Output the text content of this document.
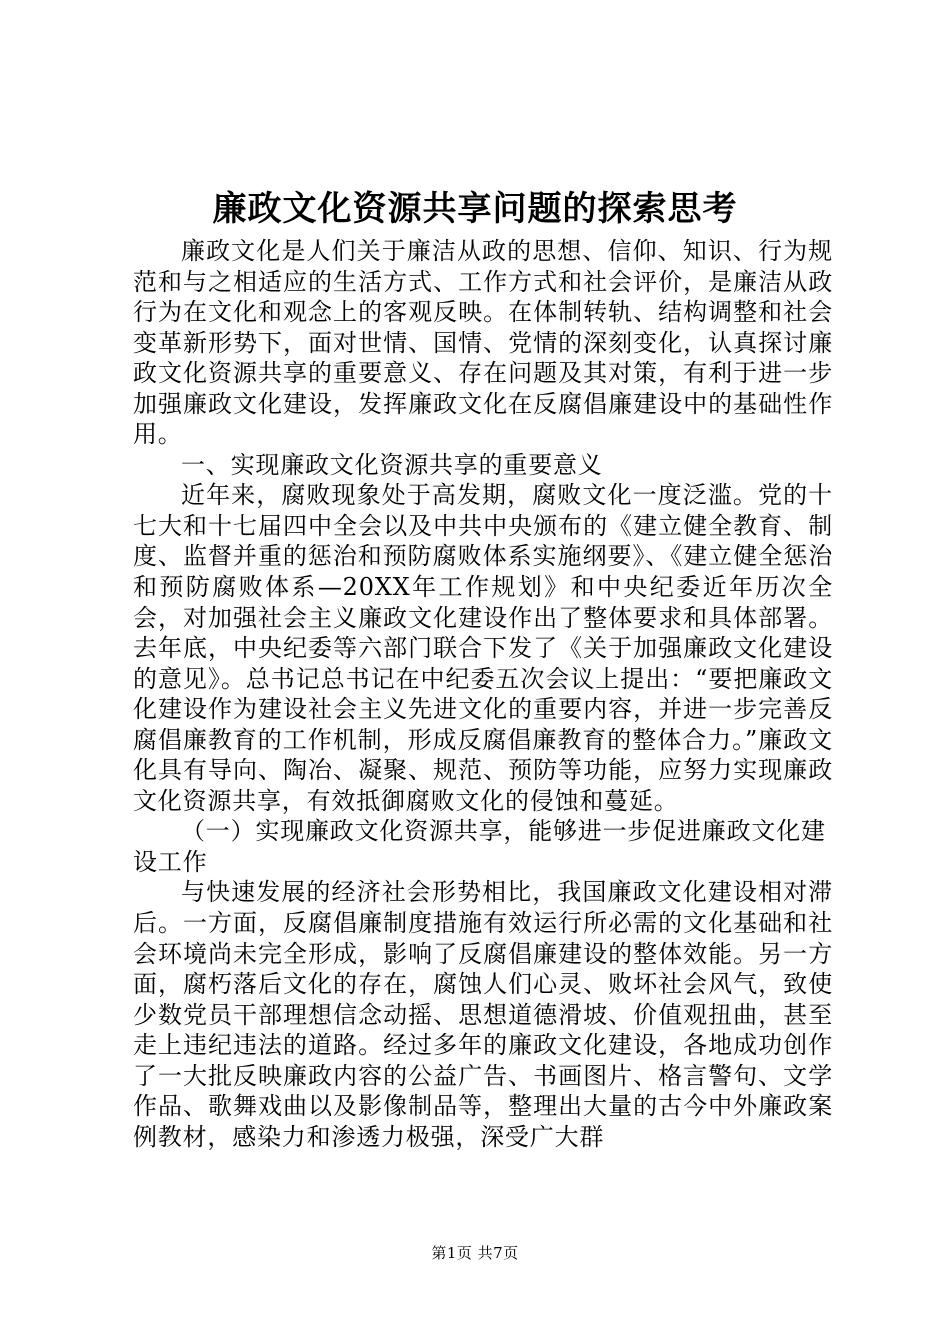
廉政文化资源共享问题的探索思考

廉政文化是人们关于廉洁从政的思想、信仰、知识、行为规范和与之相适应的生活方式、工作方式和社会评价，是廉洁从政行为在文化和观念上的客观反映。在体制转轨、结构调整和社会变革新形势下，面对世情、国情、党情的深刻变化，认真探讨廉政文化资源共享的重要意义、存在问题及其对策，有利于进一步加强廉政文化建设，发挥廉政文化在反腐倡廉建设中的基础性作用。

一、实现廉政文化资源共享的重要意义

近年来，腐败现象处于高发期，腐败文化一度泛滥。党的十七大和十七届四中全会以及中共中央颁布的《建立健全教育、制度、监督并重的惩治和预防腐败体系实施纲要》、《建立健全惩治和预防腐败体系—20XX年工作规划》和中央纪委近年历次全会，对加强社会主义廉政文化建设作出了整体要求和具体部署。去年底，中央纪委等六部门联合下发了《关于加强廉政文化建设的意见》。总书记总书记在中纪委五次会议上提出：“要把廉政文化建设作为建设社会主义先进文化的重要内容，并进一步完善反腐倡廉教育的工作机制，形成反腐倡廉教育的整体合力。”廉政文化具有导向、陶冶、凝聚、规范、预防等功能，应努力实现廉政文化资源共享，有效抵御腐败文化的侵蚀和蔓延。

（一）实现廉政文化资源共享，能够进一步促进廉政文化建设工作

与快速发展的经济社会形势相比，我国廉政文化建设相对滞后。一方面，反腐倡廉制度措施有效运行所必需的文化基础和社会环境尚未完全形成，影响了反腐倡廉建设的整体效能。另一方面，腐朽落后文化的存在，腐蚀人们心灵、败坏社会风气，致使少数党员干部理想信念动摇、思想道德滑坡、价值观扭曲，甚至走上违纪违法的道路。经过多年的廉政文化建设，各地成功创作了一大批反映廉政内容的公益广告、书画图片、格言警句、文学作品、歌舞戏曲以及影像制品等，整理出大量的古今中外廉政案例教材，感染力和渗透力极强，深受广大群

第1页 共7页
